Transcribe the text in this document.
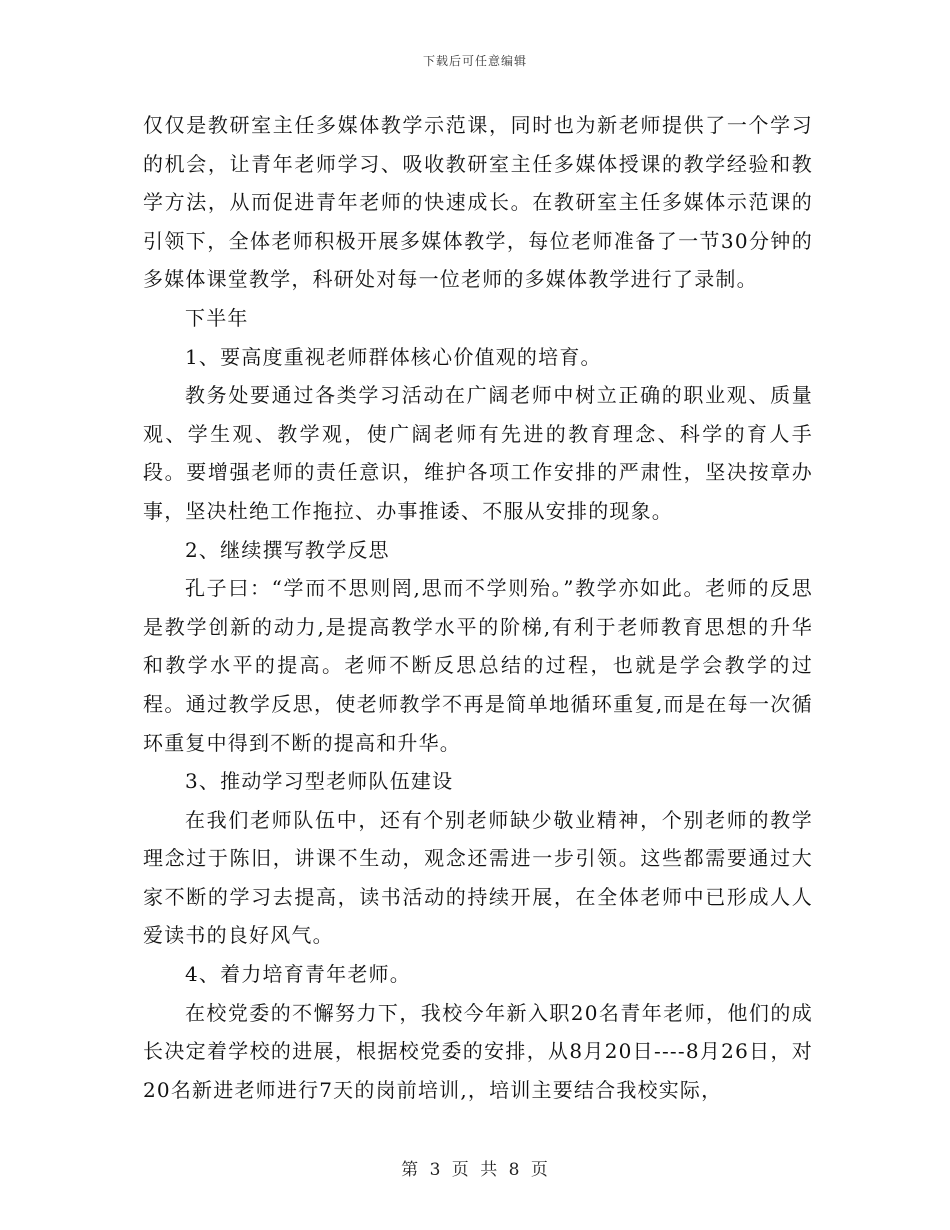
下载后可任意编辑

仅仅是教研室主任多媒体教学示范课，同时也为新老师提供了一个学习的机会，让青年老师学习、吸收教研室主任多媒体授课的教学经验和教学方法，从而促进青年老师的快速成长。在教研室主任多媒体示范课的引领下，全体老师积极开展多媒体教学，每位老师准备了一节30分钟的多媒体课堂教学，科研处对每一位老师的多媒体教学进行了录制。

下半年

1、要高度重视老师群体核心价值观的培育。

教务处要通过各类学习活动在广阔老师中树立正确的职业观、质量观、学生观、教学观，使广阔老师有先进的教育理念、科学的育人手段。要增强老师的责任意识，维护各项工作安排的严肃性，坚决按章办事，坚决杜绝工作拖拉、办事推诿、不服从安排的现象。

2、继续撰写教学反思

孔子曰：“学而不思则罔,思而不学则殆。”教学亦如此。老师的反思是教学创新的动力,是提高教学水平的阶梯,有利于老师教育思想的升华和教学水平的提高。老师不断反思总结的过程，也就是学会教学的过程。通过教学反思，使老师教学不再是简单地循环重复,而是在每一次循环重复中得到不断的提高和升华。

3、推动学习型老师队伍建设

在我们老师队伍中，还有个别老师缺少敬业精神，个别老师的教学理念过于陈旧，讲课不生动，观念还需进一步引领。这些都需要通过大家不断的学习去提高，读书活动的持续开展，在全体老师中已形成人人爱读书的良好风气。

4、着力培育青年老师。

在校党委的不懈努力下，我校今年新入职20名青年老师，他们的成长决定着学校的进展，根据校党委的安排，从8月20日----8月26日，对20名新进老师进行7天的岗前培训,，培训主要结合我校实际，

第 3 页 共 8 页
